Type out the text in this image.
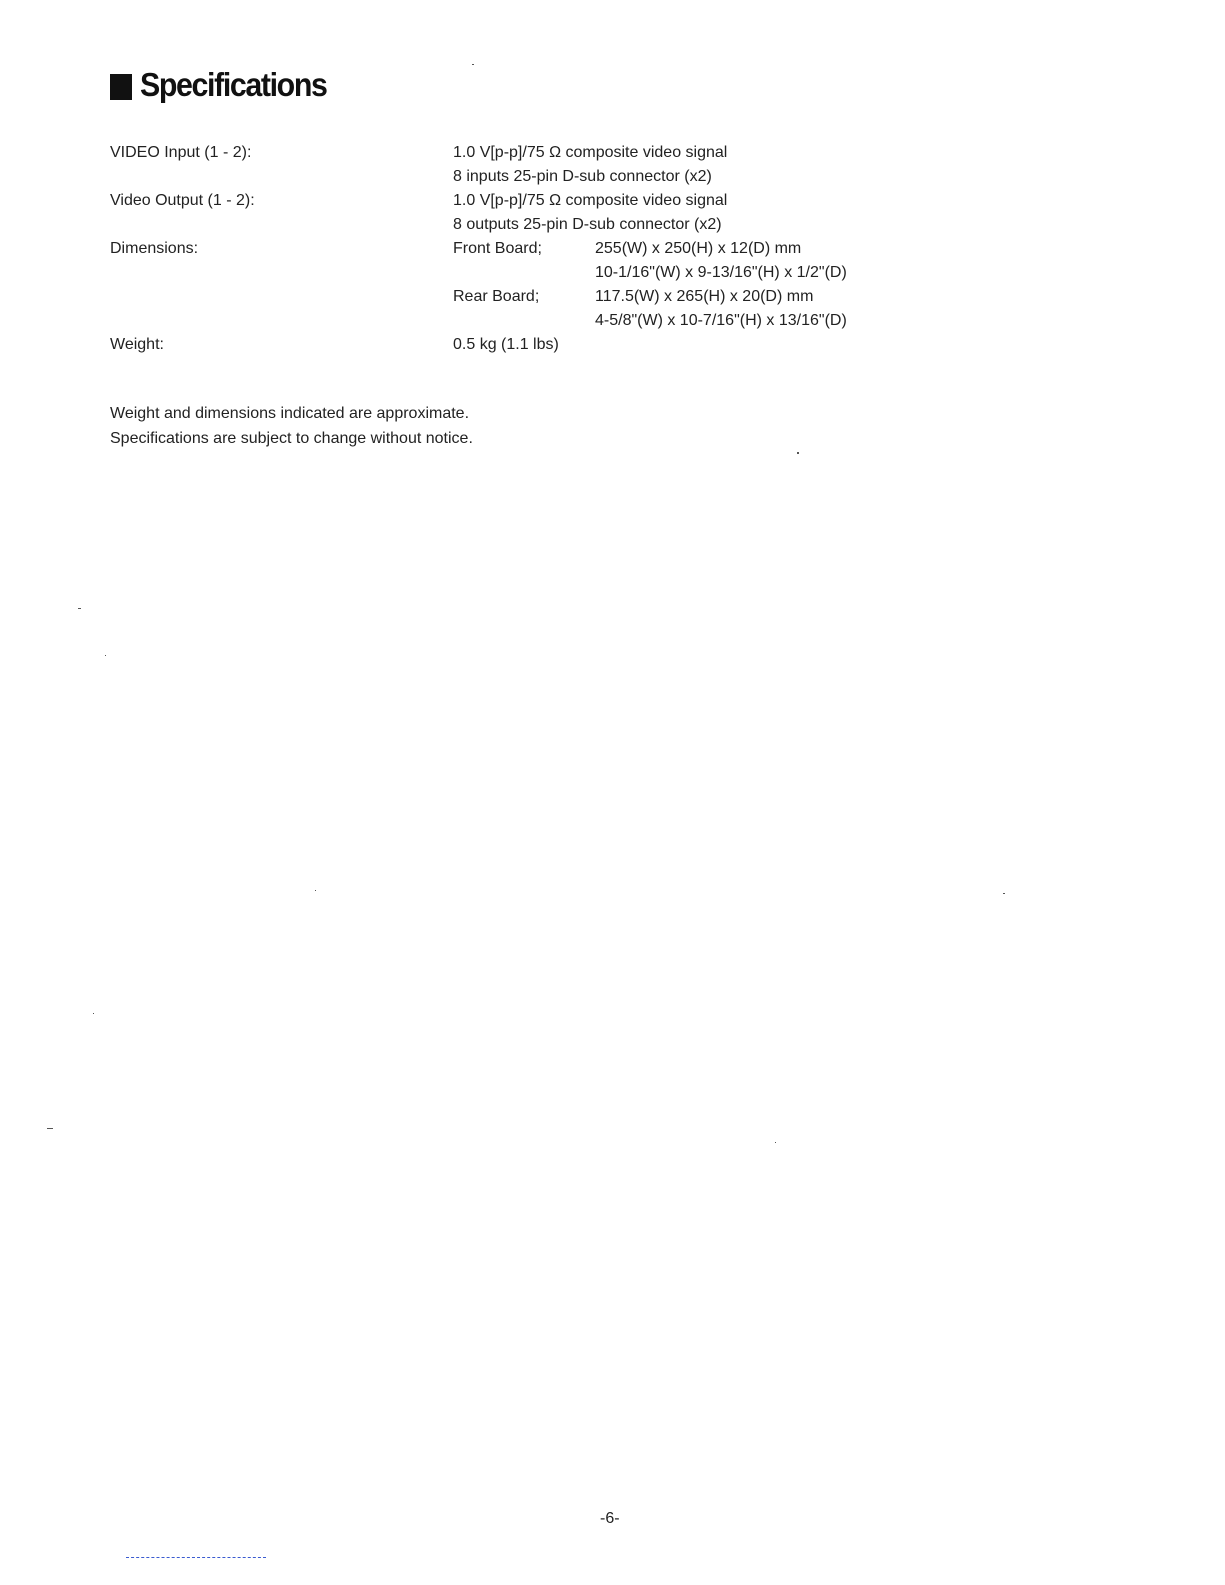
Specifications
VIDEO Input (1 - 2):	1.0 V[p-p]/75 Ω composite video signal
8 inputs 25-pin D-sub connector (x2)
Video Output (1 - 2):	1.0 V[p-p]/75 Ω composite video signal
8 outputs 25-pin D-sub connector (x2)
Dimensions:	Front Board;	255(W) x 250(H) x 12(D) mm
10-1/16"(W) x 9-13/16"(H) x 1/2"(D)
Rear Board;	117.5(W) x 265(H) x 20(D) mm
4-5/8"(W) x 10-7/16"(H) x 13/16"(D)
Weight:	0.5 kg (1.1 lbs)
Weight and dimensions indicated are approximate.
Specifications are subject to change without notice.
-6-
